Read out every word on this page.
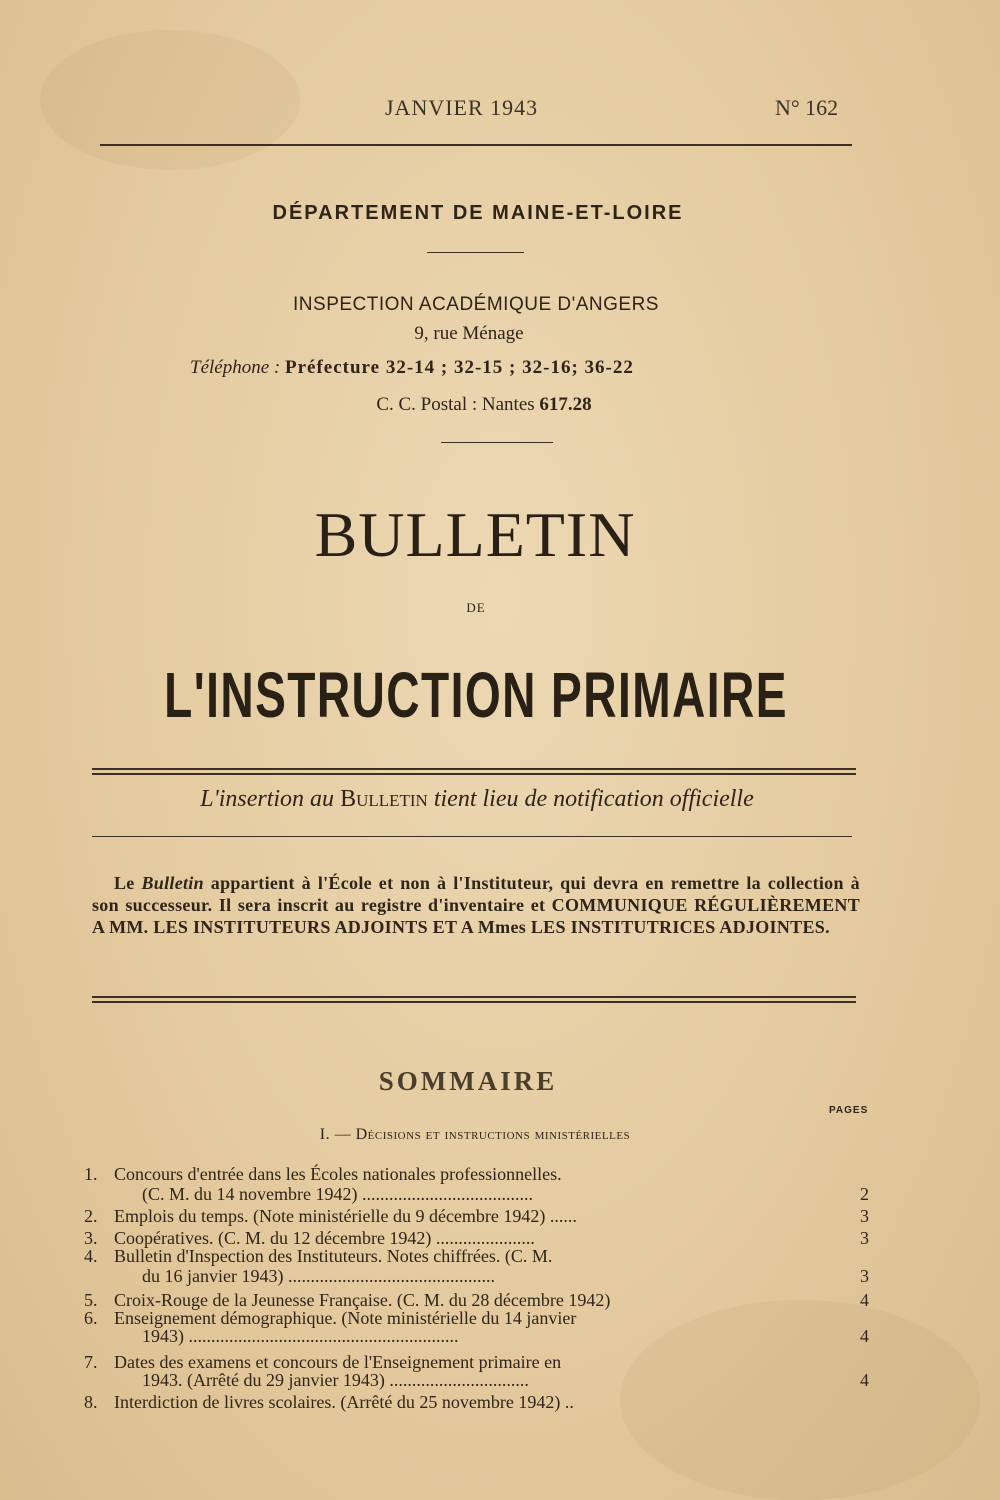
JANVIER 1943	N° 162
DÉPARTEMENT DE MAINE-ET-LOIRE
INSPECTION ACADÉMIQUE D'ANGERS
9, rue Ménage
Téléphone : Préfecture 32-14 ; 32-15 ; 32-16; 36-22
C. C. Postal : Nantes 617.28
BULLETIN
DE
L'INSTRUCTION PRIMAIRE
L'insertion au Bulletin tient lieu de notification officielle
Le Bulletin appartient à l'École et non à l'Instituteur, qui devra en remettre la collection à son successeur. Il sera inscrit au registre d'inventaire et COMMUNIQUE RÉGULIÈREMENT A MM. LES INSTITUTEURS ADJOINTS ET A Mmes LES INSTITUTRICES ADJOINTES.
SOMMAIRE
PAGES
I. — Décisions et instructions ministérielles
1. Concours d'entrée dans les Écoles nationales professionnelles.
(C. M. du 14 novembre 1942) ......................................	2
2. Emplois du temps. (Note ministérielle du 9 décembre 1942) ......	3
3. Coopératives. (C. M. du 12 décembre 1942) ......................	3
4. Bulletin d'Inspection des Instituteurs. Notes chiffrées. (C. M.
du 16 janvier 1943) ..............................................	3
5. Croix-Rouge de la Jeunesse Française. (C. M. du 28 décembre 1942)	4
6. Enseignement démographique. (Note ministérielle du 14 janvier
1943) ............................................................	4
7. Dates des examens et concours de l'Enseignement primaire en
1943. (Arrêté du 29 janvier 1943) ...............................	4
8. Interdiction de livres scolaires. (Arrêté du 25 novembre 1942) ..
